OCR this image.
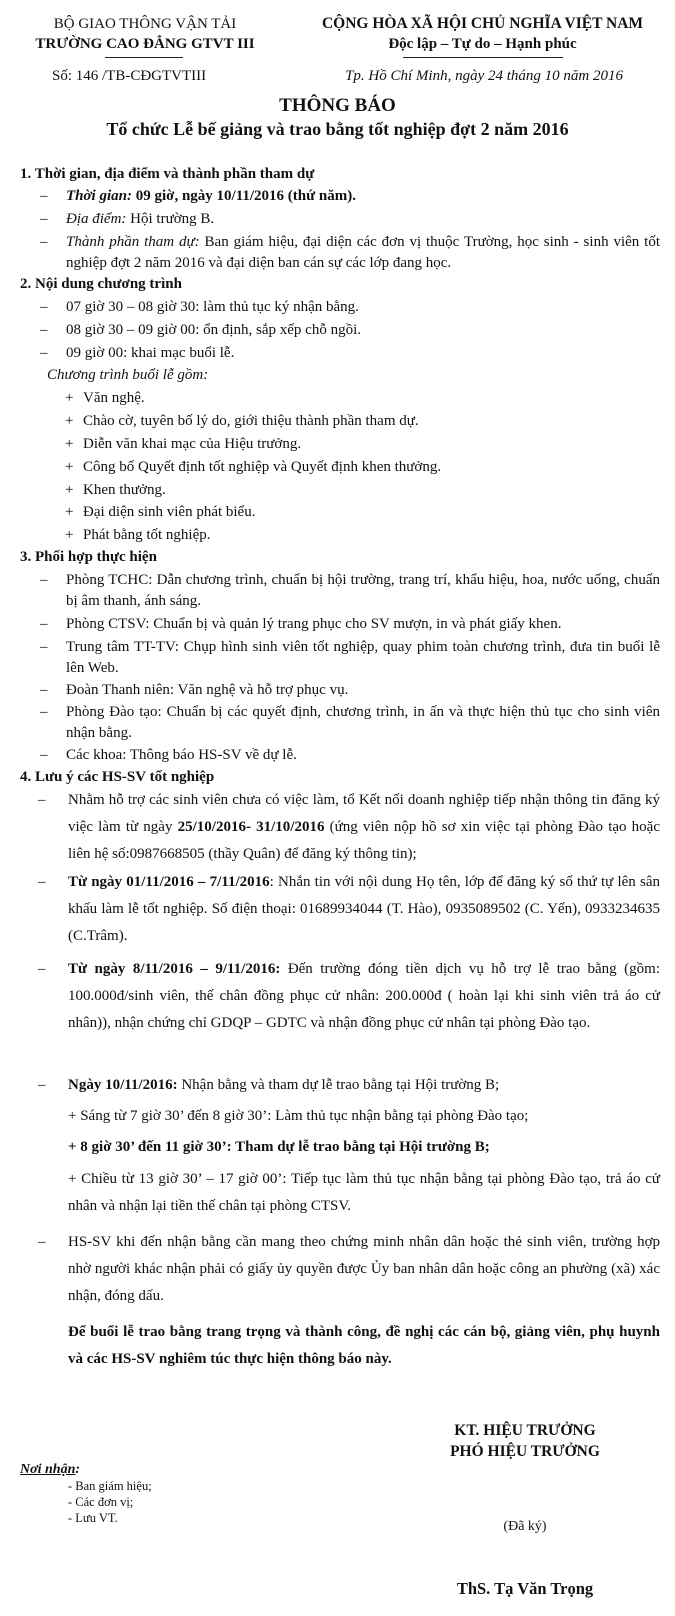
BỘ GIAO THÔNG VẬN TẢI
TRƯỜNG CAO ĐẲNG GTVT III
CỘNG HÒA XÃ HỘI CHỦ NGHĨA VIỆT NAM
Độc lập – Tự do – Hạnh phúc
Số: 146 /TB-CĐGTVTIII	Tp. Hồ Chí Minh, ngày 24 tháng 10 năm 2016
THÔNG BÁO
Tổ chức Lễ bế giảng và trao bằng tốt nghiệp đợt 2 năm 2016
1. Thời gian, địa điểm và thành phần tham dự
–	Thời gian: 09 giờ, ngày 10/11/2016 (thứ năm).
–	Địa điểm: Hội trường B.
–	Thành phần tham dự: Ban giám hiệu, đại diện các đơn vị thuộc Trường, học sinh - sinh viên tốt nghiệp đợt 2 năm 2016 và đại diện ban cán sự các lớp đang học.
2. Nội dung chương trình
–	07 giờ 30 – 08 giờ 30: làm thủ tục ký nhận bằng.
–	08 giờ 30 – 09 giờ 00: ổn định, sắp xếp chỗ ngồi.
–	09 giờ 00: khai mạc buổi lễ.
Chương trình buổi lễ gồm:
+ Văn nghệ.
+ Chào cờ, tuyên bố lý do, giới thiệu thành phần tham dự.
+ Diễn văn khai mạc của Hiệu trưởng.
+ Công bố Quyết định tốt nghiệp và Quyết định khen thưởng.
+ Khen thưởng.
+ Đại diện sinh viên phát biểu.
+ Phát bằng tốt nghiệp.
3. Phối hợp thực hiện
–	Phòng TCHC: Dẫn chương trình, chuẩn bị hội trường, trang trí, khẩu hiệu, hoa, nước uống, chuẩn bị âm thanh, ánh sáng.
–	Phòng CTSV: Chuẩn bị và quản lý trang phục cho SV mượn, in và phát giấy khen.
–	Trung tâm TT-TV: Chụp hình sinh viên tốt nghiệp, quay phim toàn chương trình, đưa tin buổi lễ lên Web.
–	Đoàn Thanh niên: Văn nghệ và hỗ trợ phục vụ.
–	Phòng Đào tạo: Chuẩn bị các quyết định, chương trình, in ấn và thực hiện thủ tục cho sinh viên nhận bằng.
–	Các khoa: Thông báo HS-SV về dự lễ.
4. Lưu ý các HS-SV tốt nghiệp
–	Nhằm hỗ trợ các sinh viên chưa có việc làm, tổ Kết nối doanh nghiệp tiếp nhận thông tin đăng ký việc làm từ ngày 25/10/2016- 31/10/2016 (ứng viên nộp hồ sơ xin việc tại phòng Đào tạo hoặc liên hệ số:0987668505 (thầy Quân) để đăng ký thông tin);
–	Từ ngày 01/11/2016 – 7/11/2016: Nhắn tin với nội dung Họ tên, lớp để đăng ký số thứ tự lên sân khấu làm lễ tốt nghiệp. Số điện thoại: 01689934044 (T. Hào), 0935089502 (C. Yến), 0933234635 (C.Trâm).
–	Từ ngày 8/11/2016 – 9/11/2016: Đến trường đóng tiền dịch vụ hỗ trợ lễ trao bằng (gồm: 100.000đ/sinh viên, thế chân đồng phục cử nhân: 200.000đ ( hoàn lại khi sinh viên trả áo cử nhân)), nhận chứng chỉ GDQP – GDTC và nhận đồng phục cử nhân tại phòng Đào tạo.
–	Ngày 10/11/2016: Nhận bằng và tham dự lễ trao bằng tại Hội trường B;
+ Sáng từ 7 giờ 30’ đến 8 giờ 30’: Làm thủ tục nhận bằng tại phòng Đào tạo;
+ 8 giờ 30’ đến 11 giờ 30’: Tham dự lễ trao bằng tại Hội trường B;
+ Chiều từ 13 giờ 30’ – 17 giờ 00’: Tiếp tục làm thủ tục nhận bằng tại phòng Đào tạo, trả áo cử nhân và nhận lại tiền thế chân tại phòng CTSV.
–	HS-SV khi đến nhận bằng cần mang theo chứng minh nhân dân hoặc thẻ sinh viên, trường hợp nhờ người khác nhận phải có giấy ủy quyền được Ủy ban nhân dân hoặc công an phường (xã) xác nhận, đóng dấu.
Để buổi lễ trao bằng trang trọng và thành công, đề nghị các cán bộ, giảng viên, phụ huynh và các HS-SV nghiêm túc thực hiện thông báo này.
KT. HIỆU TRƯỞNG
PHÓ HIỆU TRƯỞNG
(Đã ký)
ThS. Tạ Văn Trọng
Nơi nhận:
- Ban giám hiệu;
- Các đơn vị;
- Lưu VT.
